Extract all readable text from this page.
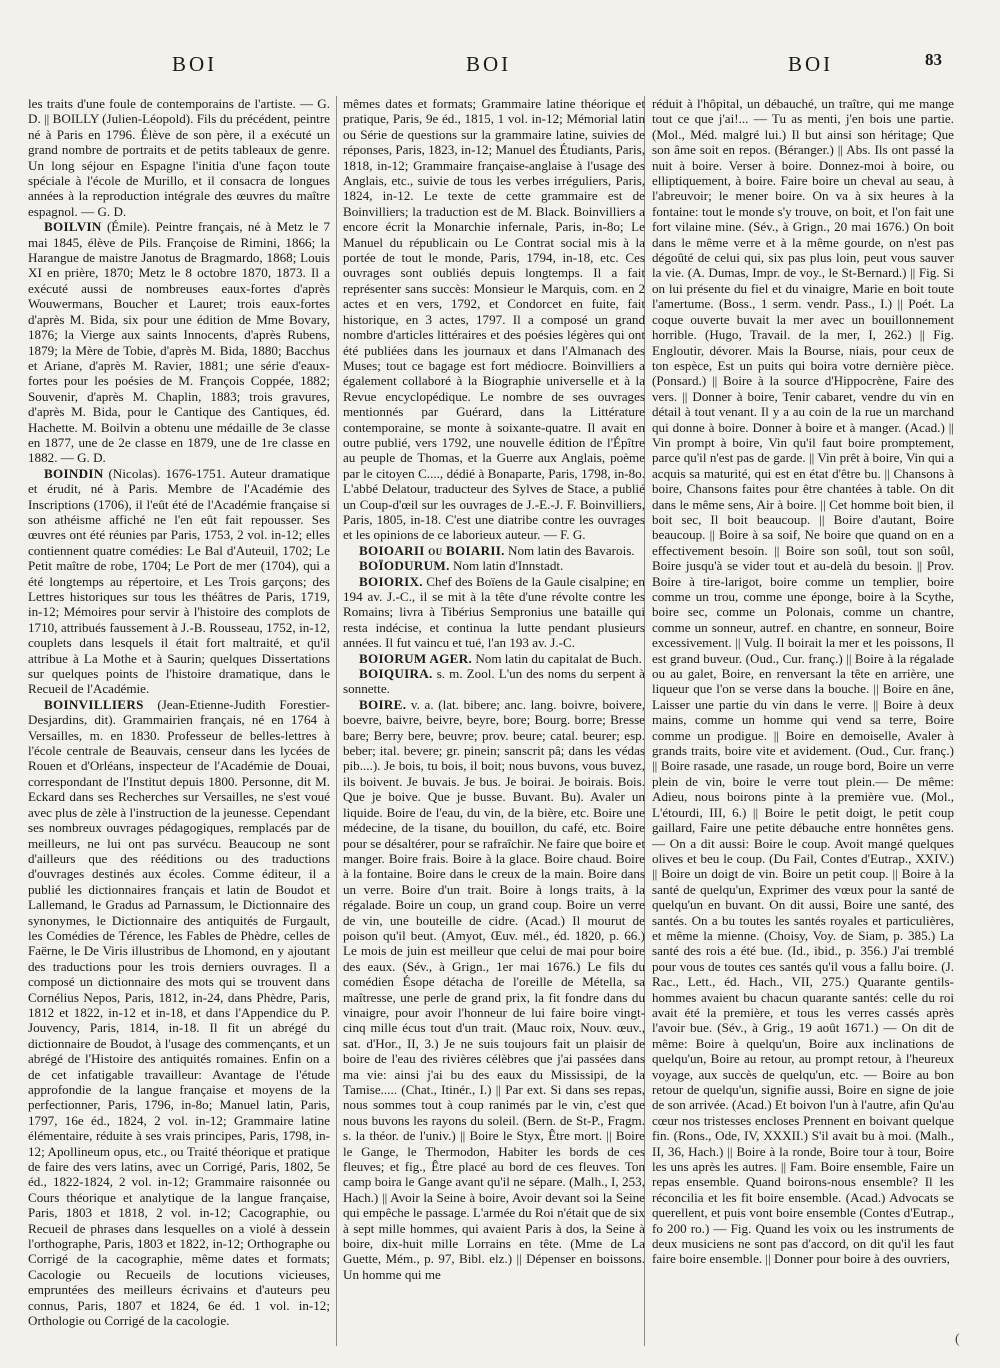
BOI	BOI	BOI	83

les traits d'une foule de contemporains de l'artiste. — G. D. || BOILLY (Julien-Léopold). Fils du précédent, peintre né à Paris en 1796. Élève de son père, il a exécuté un grand nombre de portraits et de petits tableaux de genre. Un long séjour en Espagne l'initia d'une façon toute spéciale à l'école de Murillo, et il consacra de longues années à la reproduction intégrale des œuvres du maître espagnol. — G. D.

BOILVIN (Émile). Peintre français, né à Metz le 7 mai 1845, élève de Pils. Françoise de Rimini, 1866; la Harangue de maistre Janotus de Bragmardo, 1868; Louis XI en prière, 1870; Metz le 8 octobre 1870, 1873. Il a exécuté aussi de nombreuses eaux-fortes d'après Wouwermans, Boucher et Lauret; trois eaux-fortes d'après M. Bida, six pour une édition de Mme Bovary, 1876; la Vierge aux saints Innocents, d'après Rubens, 1879; la Mère de Tobie, d'après M. Bida, 1880; Bacchus et Ariane, d'après M. Ravier, 1881; une série d'eaux-fortes pour les poésies de M. François Coppée, 1882; Souvenir, d'après M. Chaplin, 1883; trois gravures, d'après M. Bida, pour le Cantique des Cantiques, éd. Hachette. M. Boilvin a obtenu une médaille de 3e classe en 1877, une de 2e classe en 1879, une de 1re classe en 1882. — G. D.

BOINDIN (Nicolas). 1676-1751. Auteur dramatique et érudit, né à Paris. Membre de l'Académie des Inscriptions (1706), il l'eût été de l'Académie française si son athéisme affiché ne l'en eût fait repousser. Ses œuvres ont été réunies par Paris, 1753, 2 vol. in-12; elles contiennent quatre comédies: Le Bal d'Auteuil, 1702; Le Petit maître de robe, 1704; Le Port de mer (1704), qui a été longtemps au répertoire, et Les Trois garçons; des Lettres historiques sur tous les théâtres de Paris, 1719, in-12; Mémoires pour servir à l'histoire des complots de 1710, attribués faussement à J.-B. Rousseau, 1752, in-12, couplets dans lesquels il était fort maltraité, et qu'il attribue à La Mothe et à Saurin; quelques Dissertations sur quelques points de l'histoire dramatique, dans le Recueil de l'Académie.

BOINVILLIERS (Jean-Etienne-Judith Forestier-Desjardins, dit). Grammairien français, né en 1764 à Versailles, m. en 1830. Professeur de belles-lettres à l'école centrale de Beauvais, censeur dans les lycées de Rouen et d'Orléans, inspecteur de l'Académie de Douai, correspondant de l'Institut depuis 1800. Personne, dit M. Eckard dans ses Recherches sur Versailles, ne s'est voué avec plus de zèle à l'instruction de la jeunesse. Cependant ses nombreux ouvrages pédagogiques, remplacés par de meilleurs, ne lui ont pas survécu. Beaucoup ne sont d'ailleurs que des rééditions ou des traductions d'ouvrages destinés aux écoles. Comme éditeur, il a publié les dictionnaires français et latin de Boudot et Lallemand, le Gradus ad Parnassum, le Dictionnaire des synonymes, le Dictionnaire des antiquités de Furgault, les Comédies de Térence, les Fables de Phèdre, celles de Faërne, le De Viris illustribus de Lhomond, en y ajoutant des traductions pour les trois derniers ouvrages. Il a composé un dictionnaire des mots qui se trouvent dans Cornélius Nepos, Paris, 1812, in-24, dans Phèdre, Paris, 1812 et 1822, in-12 et in-18, et dans l'Appendice du P. Jouvency, Paris, 1814, in-18. Il fit un abrégé du dictionnaire de Boudot, à l'usage des commençants, et un abrégé de l'Histoire des antiquités romaines. Enfin on a de cet infatigable travailleur: Avantage de l'étude approfondie de la langue française et moyens de la perfectionner, Paris, 1796, in-8o; Manuel latin, Paris, 1797, 16e éd., 1824, 2 vol. in-12; Grammaire latine élémentaire, réduite à ses vrais principes, Paris, 1798, in-12; Apollineum opus, etc., ou Traité théorique et pratique de faire des vers latins, avec un Corrigé, Paris, 1802, 5e éd., 1822-1824, 2 vol. in-12; Grammaire raisonnée ou Cours théorique et analytique de la langue française, Paris, 1803 et 1818, 2 vol. in-12; Cacographie, ou Recueil de phrases dans lesquelles on a violé à dessein l'orthographe, Paris, 1803 et 1822, in-12; Orthographe ou Corrigé de la cacographie, même dates et formats; Cacologie ou Recueils de locutions vicieuses, empruntées des meilleurs écrivains et d'auteurs peu connus, Paris, 1807 et 1824, 6e éd. 1 vol. in-12; Orthologie ou Corrigé de la cacologie.

mêmes dates et formats; Grammaire latine théorique et pratique, Paris, 9e éd., 1815, 1 vol. in-12; Mémorial latin ou Série de questions sur la grammaire latine, suivies de réponses, Paris, 1823, in-12; Manuel des Étudiants, Paris, 1818, in-12; Grammaire française-anglaise à l'usage des Anglais, etc., suivie de tous les verbes irréguliers, Paris, 1824, in-12. Le texte de cette grammaire est de Boinvilliers; la traduction est de M. Black. Boinvilliers a encore écrit la Monarchie infernale, Paris, in-8o; Le Manuel du républicain ou Le Contrat social mis à la portée de tout le monde, Paris, 1794, in-18, etc. Ces ouvrages sont oubliés depuis longtemps. Il a fait représenter sans succès: Monsieur le Marquis, com. en 2 actes et en vers, 1792, et Condorcet en fuite, fait historique, en 3 actes, 1797. Il a composé un grand nombre d'articles littéraires et des poésies légères qui ont été publiées dans les journaux et dans l'Almanach des Muses; tout ce bagage est fort médiocre. Boinvilliers a également collaboré à la Biographie universelle et à la Revue encyclopédique. Le nombre de ses ouvrages mentionnés par Guérard, dans la Littérature contemporaine, se monte à soixante-quatre. Il avait en outre publié, vers 1792, une nouvelle édition de l'Épître au peuple de Thomas, et la Guerre aux Anglais, poème par le citoyen C...., dédié à Bonaparte, Paris, 1798, in-8o. L'abbé Delatour, traducteur des Sylves de Stace, a publié un Coup-d'œil sur les ouvrages de J.-E.-J. F. Boinvilliers, Paris, 1805, in-18. C'est une diatribe contre les ouvrages et les opinions de ce laborieux auteur. — F. G.

BOIOARII ou BOIARII. Nom latin des Bavarois.

BOÏODURUM. Nom latin d'Innstadt.

BOIORIX. Chef des Boïens de la Gaule cisalpine; en 194 av. J.-C., il se mit à la tête d'une révolte contre les Romains; livra à Tibérius Sempronius une bataille qui resta indécise, et continua la lutte pendant plusieurs années. Il fut vaincu et tué, l'an 193 av. J.-C.

BOIORUM AGER. Nom latin du capitalat de Buch.

BOIQUIRA. s. m. Zool. L'un des noms du serpent à sonnette.

BOIRE. v. a. (lat. bibere; anc. lang. boivre, boivere, boevre, baivre, beivre, beyre, bore; Bourg. borre; Bresse bare; Berry bere, beuvre; prov. beure; catal. beurer; esp. beber; ital. bevere; gr. pinein; sanscrit pâ; dans les védas pib....). Je bois, tu bois, il boit; nous buvons, vous buvez, ils boivent. Je buvais. Je bus. Je boirai. Je boirais. Bois. Que je boive. Que je busse. Buvant. Bu). Avaler un liquide. Boire de l'eau, du vin, de la bière, etc. Boire une médecine, de la tisane, du bouillon, du café, etc. Boire pour se désaltérer, pour se rafraîchir. Ne faire que boire et manger. Boire frais. Boire à la glace. Boire chaud. Boire à la fontaine. Boire dans le creux de la main. Boire dans un verre. Boire d'un trait. Boire à longs traits, à la régalade. Boire un coup, un grand coup. Boire un verre de vin, une bouteille de cidre. (Acad.) Il mourut de poison qu'il beut. (Amyot, Œuv. mél., éd. 1820, p. 66.) Le mois de juin est meilleur que celui de mai pour boire des eaux. (Sév., à Grign., 1er mai 1676.) Le fils du comédien Ésope détacha de l'oreille de Métella, sa maîtresse, une perle de grand prix, la fit fondre dans du vinaigre, pour avoir l'honneur de lui faire boire vingt-cinq mille écus tout d'un trait. (Mauc roix, Nouv. œuv., sat. d'Hor., II, 3.) Je ne suis toujours fait un plaisir de boire de l'eau des rivières célèbres que j'ai passées dans ma vie: ainsi j'ai bu des eaux du Mississipi, de la Tamise..... (Chat., Itinér., I.) || Par ext. Si dans ses repas, nous sommes tout à coup ranimés par le vin, c'est que nous buvons les rayons du soleil. (Bern. de St-P., Fragm. s. la théor. de l'univ.) || Boire le Styx, Être mort. || Boire le Gange, le Thermodon, Habiter les bords de ces fleuves; et fig., Être placé au bord de ces fleuves. Ton camp boira le Gange avant qu'il ne sépare. (Malh., I, 253, Hach.) || Avoir la Seine à boire, Avoir devant soi la Seine qui empêche le passage. L'armée du Roi n'était que de six à sept mille hommes, qui avaient Paris à dos, la Seine à boire, dix-huit mille Lorrains en tête. (Mme de La Guette, Mém., p. 97, Bibl. elz.) || Dépenser en boissons. Un homme qui me

réduit à l'hôpital, un débauché, un traître, qui me mange tout ce que j'ai!... — Tu as menti, j'en bois une partie. (Mol., Méd. malgré lui.) Il but ainsi son héritage; Que son âme soit en repos. (Béranger.) || Abs. Ils ont passé la nuit à boire. Verser à boire. Donnez-moi à boire, ou elliptiquement, à boire. Faire boire un cheval au seau, à l'abreuvoir; le mener boire. On va à six heures à la fontaine: tout le monde s'y trouve, on boit, et l'on fait une fort vilaine mine. (Sév., à Grign., 20 mai 1676.) On boit dans le même verre et à la même gourde, on n'est pas dégoûté de celui qui, six pas plus loin, peut vous sauver la vie. (A. Dumas, Impr. de voy., le St-Bernard.) || Fig. Si on lui présente du fiel et du vinaigre, Marie en boit toute l'amertume. (Boss., 1 serm. vendr. Pass., I.) || Poét. La coque ouverte buvait la mer avec un bouillonnement horrible. (Hugo, Travail. de la mer, I, 262.) || Fig. Engloutir, dévorer. Mais la Bourse, niais, pour ceux de ton espèce, Est un puits qui boira votre dernière pièce. (Ponsard.) || Boire à la source d'Hippocrène, Faire des vers. || Donner à boire, Tenir cabaret, vendre du vin en détail à tout venant. Il y a au coin de la rue un marchand qui donne à boire. Donner à boire et à manger. (Acad.) || Vin prompt à boire, Vin qu'il faut boire promptement, parce qu'il n'est pas de garde. || Vin prêt à boire, Vin qui a acquis sa maturité, qui est en état d'être bu. || Chansons à boire, Chansons faites pour être chantées à table. On dit dans le même sens, Air à boire. || Cet homme boit bien, il boit sec, Il boit beaucoup. || Boire d'autant, Boire beaucoup. || Boire à sa soif, Ne boire que quand on en a effectivement besoin. || Boire son soûl, tout son soûl, Boire jusqu'à se vider tout et au-delà du besoin. || Prov. Boire à tire-larigot, boire comme un templier, boire comme un trou, comme une éponge, boire à la Scythe, boire sec, comme un Polonais, comme un chantre, comme un sonneur, autref. en chantre, en sonneur, Boire excessivement. || Vulg. Il boirait la mer et les poissons, Il est grand buveur. (Oud., Cur. franç.) || Boire à la régalade ou au galet, Boire, en renversant la tête en arrière, une liqueur que l'on se verse dans la bouche. || Boire en âne, Laisser une partie du vin dans le verre. || Boire à deux mains, comme un homme qui vend sa terre, Boire comme un prodigue. || Boire en demoiselle, Avaler à grands traits, boire vite et avidement. (Oud., Cur. franç.) || Boire rasade, une rasade, un rouge bord, Boire un verre plein de vin, boire le verre tout plein.— De même: Adieu, nous boirons pinte à la première vue. (Mol., L'étourdi, III, 6.) || Boire le petit doigt, le petit coup gaillard, Faire une petite débauche entre honnêtes gens. — On a dit aussi: Boire le coup. Avoit mangé quelques olives et beu le coup. (Du Fail, Contes d'Eutrap., XXIV.) || Boire un doigt de vin. Boire un petit coup. || Boire à la santé de quelqu'un, Exprimer des vœux pour la santé de quelqu'un en buvant. On dit aussi, Boire une santé, des santés. On a bu toutes les santés royales et particulières, et même la mienne. (Choisy, Voy. de Siam, p. 385.) La santé des rois a été bue. (Id., ibid., p. 356.) J'ai tremblé pour vous de toutes ces santés qu'il vous a fallu boire. (J. Rac., Lett., éd. Hach., VII, 275.) Quarante gentils-hommes avaient bu chacun quarante santés: celle du roi avait été la première, et tous les verres cassés après l'avoir bue. (Sév., à Grig., 19 août 1671.) — On dit de même: Boire à quelqu'un, Boire aux inclinations de quelqu'un, Boire au retour, au prompt retour, à l'heureux voyage, aux succès de quelqu'un, etc. — Boire au bon retour de quelqu'un, signifie aussi, Boire en signe de joie de son arrivée. (Acad.) Et boivon l'un à l'autre, afin Qu'au cœur nos tristesses encloses Prennent en boivant quelque fin. (Rons., Ode, IV, XXXII.) S'il avait bu à moi. (Malh., II, 36, Hach.) || Boire à la ronde, Boire tour à tour, Boire les uns après les autres. || Fam. Boire ensemble, Faire un repas ensemble. Quand boirons-nous ensemble? Il les réconcilia et les fit boire ensemble. (Acad.) Advocats se querellent, et puis vont boire ensemble (Contes d'Eutrap., fo 200 ro.) — Fig. Quand les voix ou les instruments de deux musiciens ne sont pas d'accord, on dit qu'il les faut faire boire ensemble. || Donner pour boire à des ouvriers,

(
